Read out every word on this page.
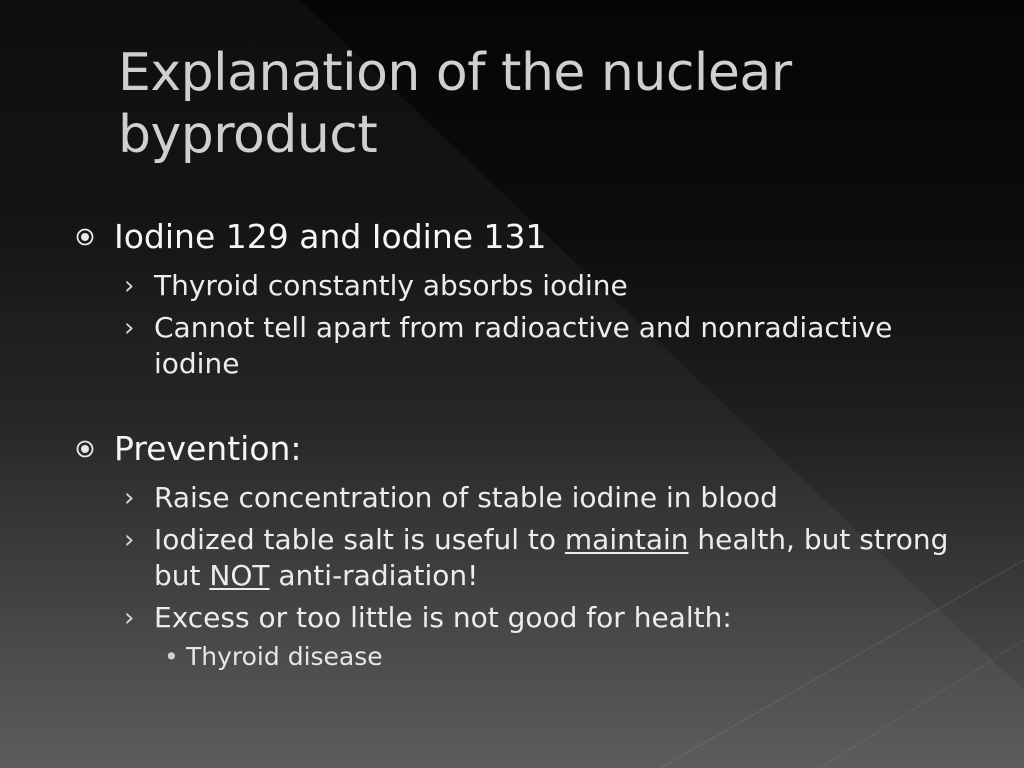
Explanation of the nuclear byproduct
Iodine 129 and Iodine 131
› Thyroid constantly absorbs iodine
› Cannot tell apart from radioactive and nonradiactive iodine
Prevention:
› Raise concentration of stable iodine in blood
› Iodized table salt is useful to maintain health, but strong but NOT anti-radiation!
› Excess or too little is not good for health:
• Thyroid disease
